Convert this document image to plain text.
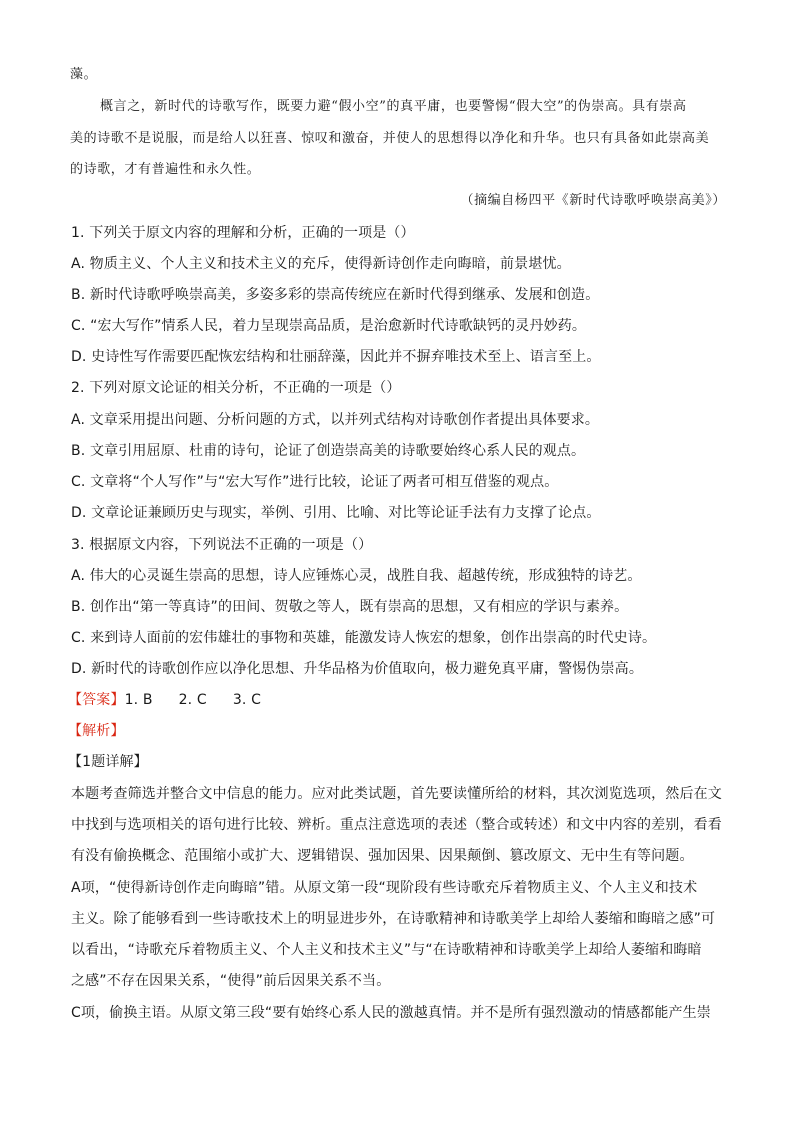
藻。
概言之，新时代的诗歌写作，既要力避“假小空”的真平庸，也要警惕“假大空”的伪崇高。具有崇高
美的诗歌不是说服，而是给人以狂喜、惊叹和激奋，并使人的思想得以净化和升华。也只有具备如此崇高美
的诗歌，才有普遍性和永久性。
（摘编自杨四平《新时代诗歌呼唤崇高美》）
1. 下列关于原文内容的理解和分析，正确的一项是（）
A. 物质主义、个人主义和技术主义的充斥，使得新诗创作走向晦暗，前景堪忧。
B. 新时代诗歌呼唤崇高美，多姿多彩的崇高传统应在新时代得到继承、发展和创造。
C. “宏大写作”情系人民，着力呈现崇高品质，是治愈新时代诗歌缺钙的灵丹妙药。
D. 史诗性写作需要匹配恢宏结构和壮丽辞藻，因此并不摒弃唯技术至上、语言至上。
2. 下列对原文论证的相关分析，不正确的一项是（）
A. 文章采用提出问题、分析问题的方式，以并列式结构对诗歌创作者提出具体要求。
B. 文章引用屈原、杜甫的诗句，论证了创造崇高美的诗歌要始终心系人民的观点。
C. 文章将“个人写作”与“宏大写作”进行比较，论证了两者可相互借鉴的观点。
D. 文章论证兼顾历史与现实，举例、引用、比喻、对比等论证手法有力支撑了论点。
3. 根据原文内容，下列说法不正确的一项是（）
A. 伟大的心灵诞生崇高的思想，诗人应锤炼心灵，战胜自我、超越传统，形成独特的诗艺。
B. 创作出“第一等真诗”的田间、贺敬之等人，既有崇高的思想，又有相应的学识与素养。
C. 来到诗人面前的宏伟雄壮的事物和英雄，能激发诗人恢宏的想象，创作出崇高的时代史诗。
D. 新时代的诗歌创作应以净化思想、升华品格为价值取向，极力避免真平庸，警惕伪崇高。
【答案】1. B 2. C 3. C
【解析】
【1题详解】
本题考查筛选并整合文中信息的能力。应对此类试题，首先要读懂所给的材料，其次浏览选项，然后在文
中找到与选项相关的语句进行比较、辨析。重点注意选项的表述（整合或转述）和文中内容的差别，看看
有没有偷换概念、范围缩小或扩大、逻辑错误、强加因果、因果颠倒、篡改原文、无中生有等问题。
A项，“使得新诗创作走向晦暗”错。从原文第一段“现阶段有些诗歌充斥着物质主义、个人主义和技术
主义。除了能够看到一些诗歌技术上的明显进步外，在诗歌精神和诗歌美学上却给人萎缩和晦暗之感”可
以看出，“诗歌充斥着物质主义、个人主义和技术主义”与“在诗歌精神和诗歌美学上却给人萎缩和晦暗
之感”不存在因果关系，“使得”前后因果关系不当。
C项，偷换主语。从原文第三段“要有始终心系人民的激越真情。并不是所有强烈激动的情感都能产生崇
